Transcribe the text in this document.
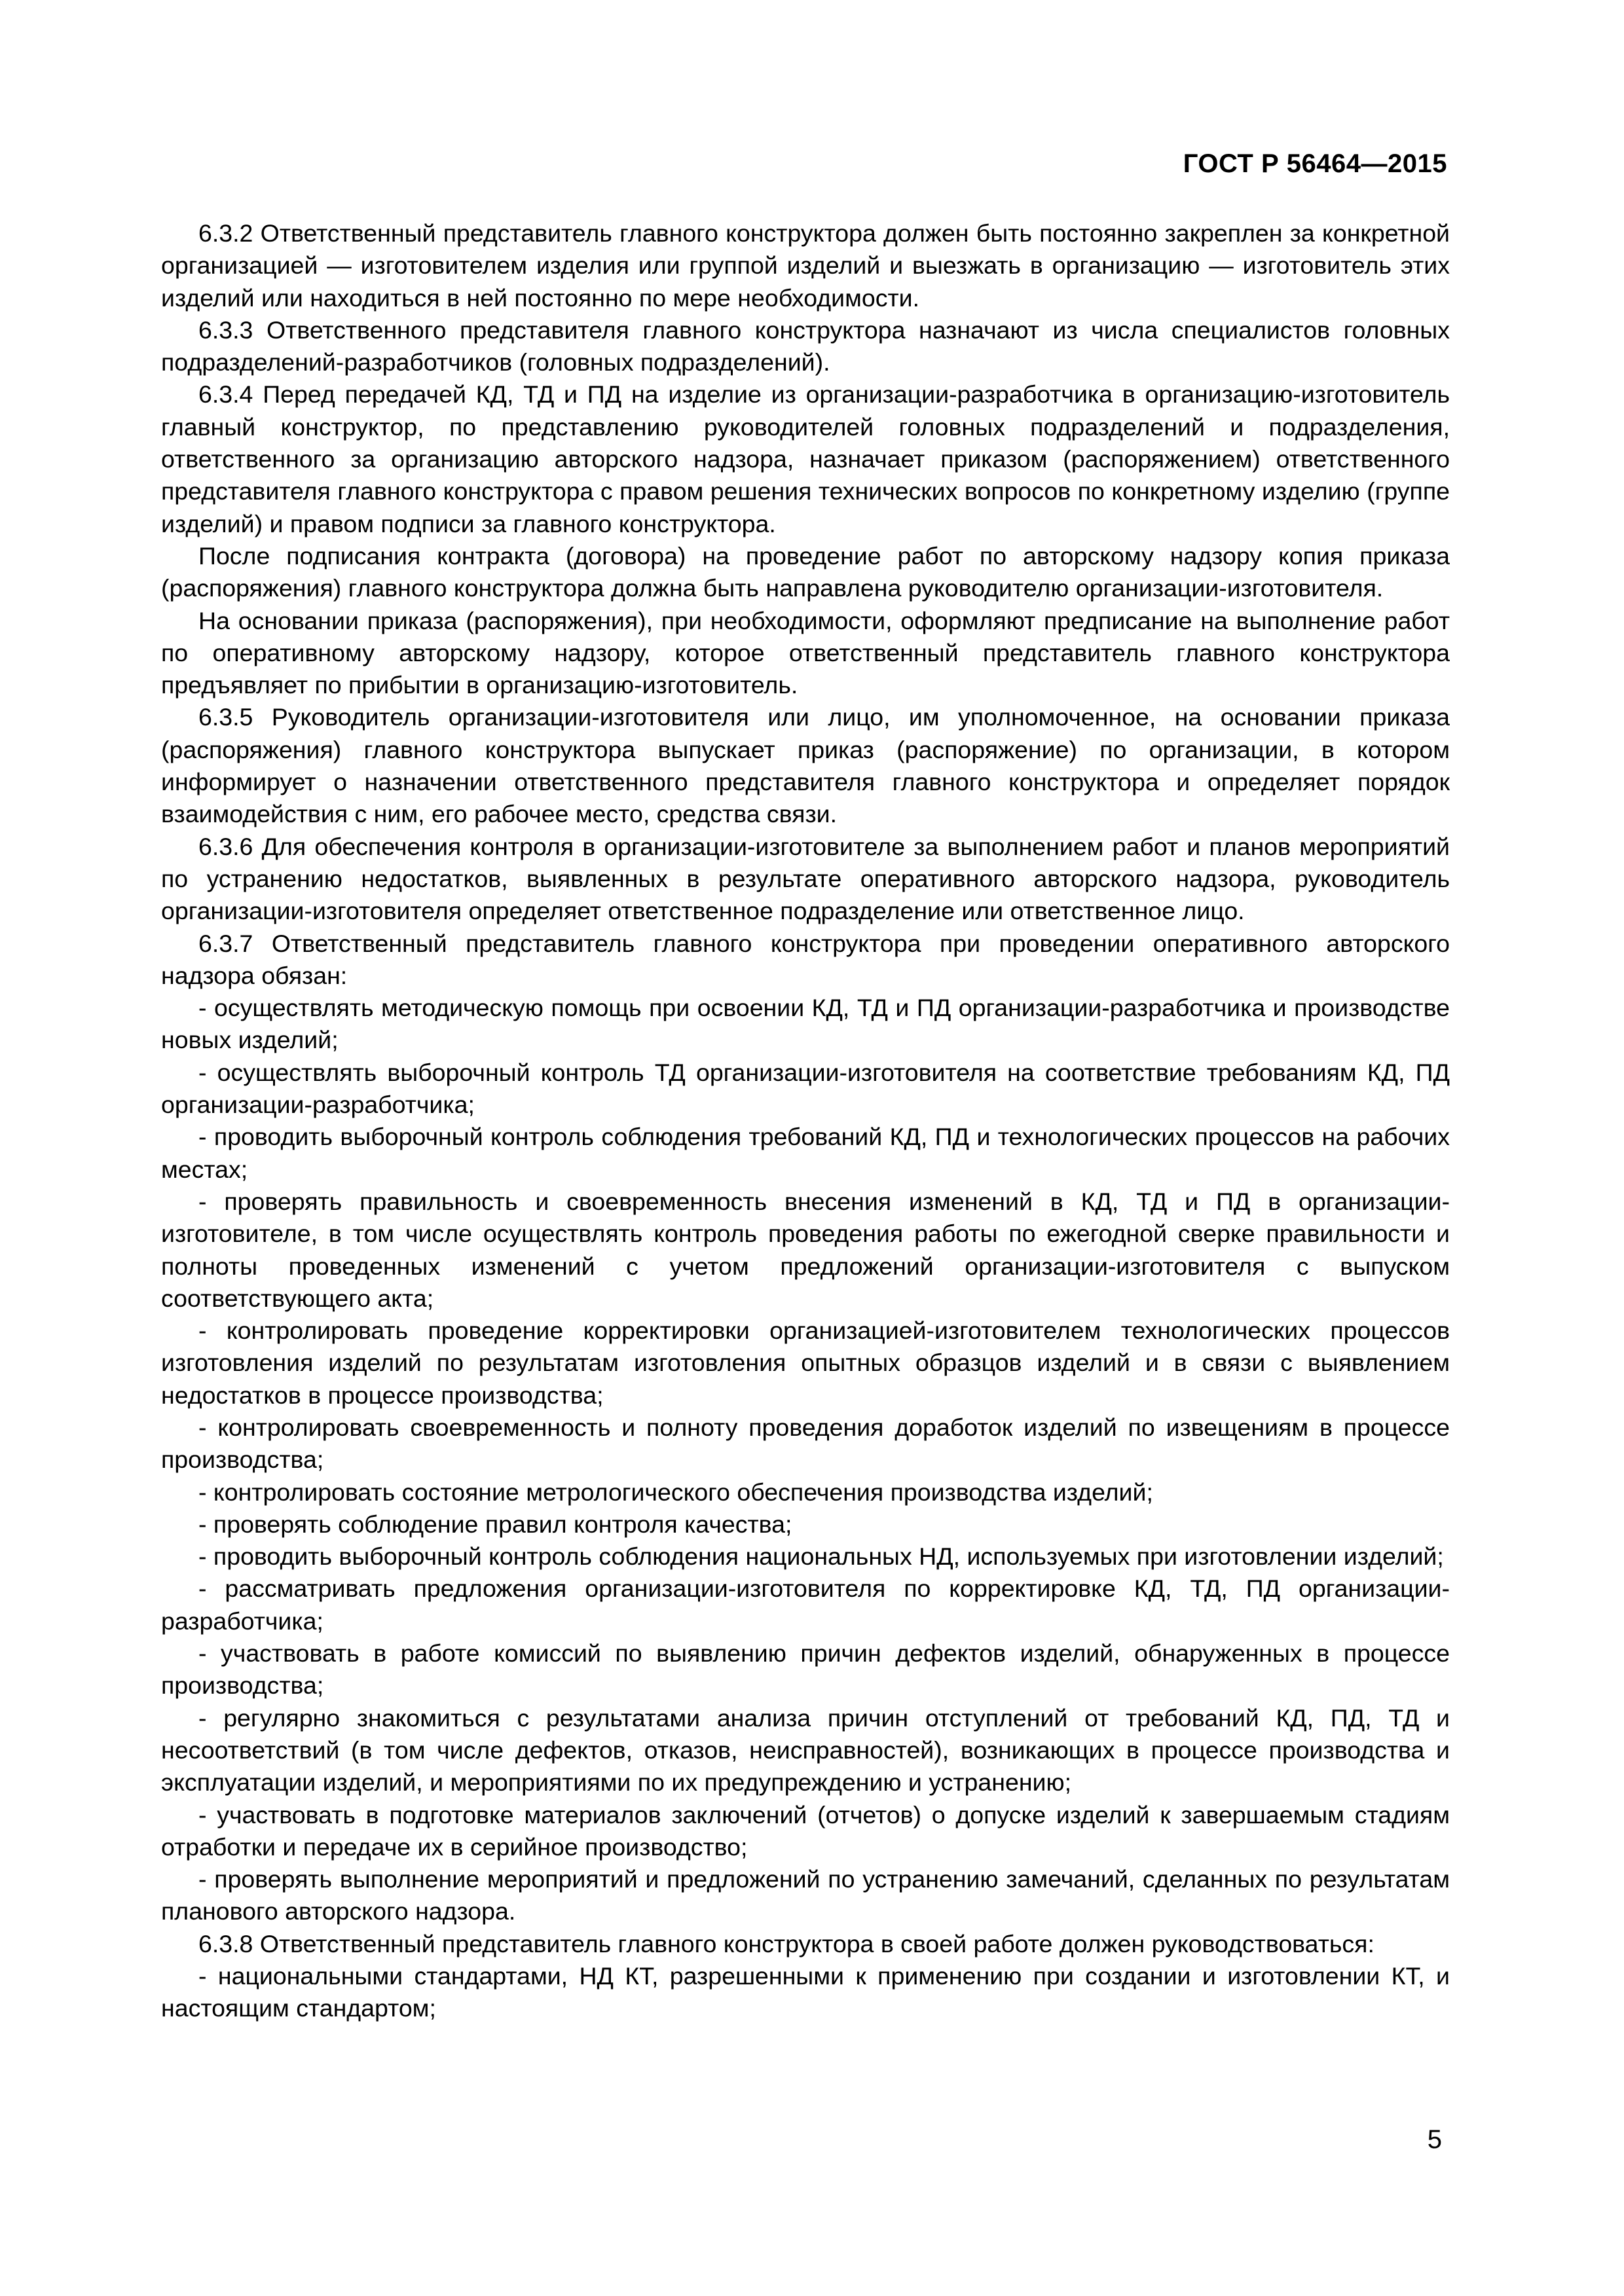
ГОСТ Р 56464—2015

6.3.2 Ответственный представитель главного конструктора должен быть постоянно закреплен за конкретной организацией — изготовителем изделия или группой изделий и выезжать в организацию — изготовитель этих изделий или находиться в ней постоянно по мере необходимости.

6.3.3 Ответственного представителя главного конструктора назначают из числа специалистов головных подразделений-разработчиков (головных подразделений).

6.3.4 Перед передачей КД, ТД и ПД на изделие из организации-разработчика в организацию-изготовитель главный конструктор, по представлению руководителей головных подразделений и подразделения, ответственного за организацию авторского надзора, назначает приказом (распоряжением) ответственного представителя главного конструктора с правом решения технических вопросов по конкретному изделию (группе изделий) и правом подписи за главного конструктора.

После подписания контракта (договора) на проведение работ по авторскому надзору копия приказа (распоряжения) главного конструктора должна быть направлена руководителю организации-изготовителя.

На основании приказа (распоряжения), при необходимости, оформляют предписание на выполнение работ по оперативному авторскому надзору, которое ответственный представитель главного конструктора предъявляет по прибытии в организацию-изготовитель.

6.3.5 Руководитель организации-изготовителя или лицо, им уполномоченное, на основании приказа (распоряжения) главного конструктора выпускает приказ (распоряжение) по организации, в котором информирует о назначении ответственного представителя главного конструктора и определяет порядок взаимодействия с ним, его рабочее место, средства связи.

6.3.6 Для обеспечения контроля в организации-изготовителе за выполнением работ и планов мероприятий по устранению недостатков, выявленных в результате оперативного авторского надзора, руководитель организации-изготовителя определяет ответственное подразделение или ответственное лицо.

6.3.7 Ответственный представитель главного конструктора при проведении оперативного авторского надзора обязан:

- осуществлять методическую помощь при освоении КД, ТД и ПД организации-разработчика и производстве новых изделий;

- осуществлять выборочный контроль ТД организации-изготовителя на соответствие требованиям КД, ПД организации-разработчика;

- проводить выборочный контроль соблюдения требований КД, ПД и технологических процессов на рабочих местах;

- проверять правильность и своевременность внесения изменений в КД, ТД и ПД в организации-изготовителе, в том числе осуществлять контроль проведения работы по ежегодной сверке правильности и полноты проведенных изменений с учетом предложений организации-изготовителя с выпуском соответствующего акта;

- контролировать проведение корректировки организацией-изготовителем технологических процессов изготовления изделий по результатам изготовления опытных образцов изделий и в связи с выявлением недостатков в процессе производства;

- контролировать своевременность и полноту проведения доработок изделий по извещениям в процессе производства;

- контролировать состояние метрологического обеспечения производства изделий;

- проверять соблюдение правил контроля качества;

- проводить выборочный контроль соблюдения национальных НД, используемых при изготовлении изделий;

- рассматривать предложения организации-изготовителя по корректировке КД, ТД, ПД организации-разработчика;

- участвовать в работе комиссий по выявлению причин дефектов изделий, обнаруженных в процессе производства;

- регулярно знакомиться с результатами анализа причин отступлений от требований КД, ПД, ТД и несоответствий (в том числе дефектов, отказов, неисправностей), возникающих в процессе производства и эксплуатации изделий, и мероприятиями по их предупреждению и устранению;

- участвовать в подготовке материалов заключений (отчетов) о допуске изделий к завершаемым стадиям отработки и передаче их в серийное производство;

- проверять выполнение мероприятий и предложений по устранению замечаний, сделанных по результатам планового авторского надзора.

6.3.8 Ответственный представитель главного конструктора в своей работе должен руководствоваться:

- национальными стандартами, НД КТ, разрешенными к применению при создании и изготовлении КТ, и настоящим стандартом;

5
